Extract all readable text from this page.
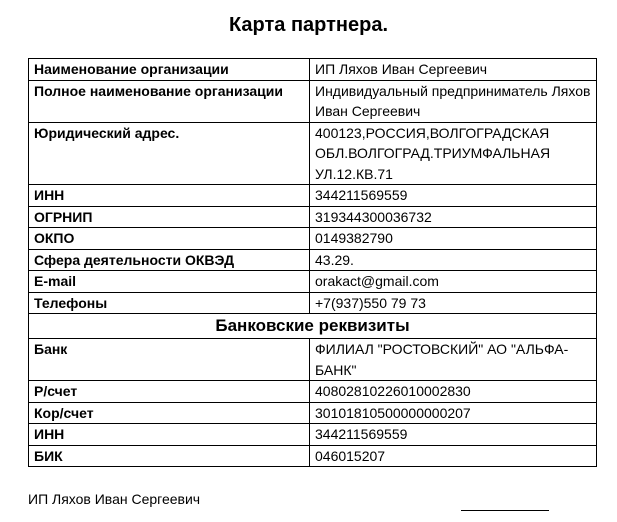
Карта партнера.
Наименование организации	ИП Ляхов Иван Сергеевич
Полное наименование организации	Индивидуальный предприниматель Ляхов Иван Сергеевич
Юридический адрес.	400123,РОССИЯ,ВОЛГОГРАДСКАЯ ОБЛ.ВОЛГОГРАД.ТРИУМФАЛЬНАЯ УЛ.12.КВ.71
ИНН	344211569559
ОГРНИП	319344300036732
ОКПО	0149382790
Сфера деятельности ОКВЭД	43.29.
E-mail	orakact@gmail.com
Телефоны	+7(937)550 79 73
Банковские реквизиты	
Банк	ФИЛИАЛ "РОСТОВСКИЙ" АО "АЛЬФА-БАНК"
Р/счет	40802810226010002830
Кор/счет	30101810500000000207
ИНН	344211569559
БИК	046015207
ИП Ляхов Иван Сергеевич
